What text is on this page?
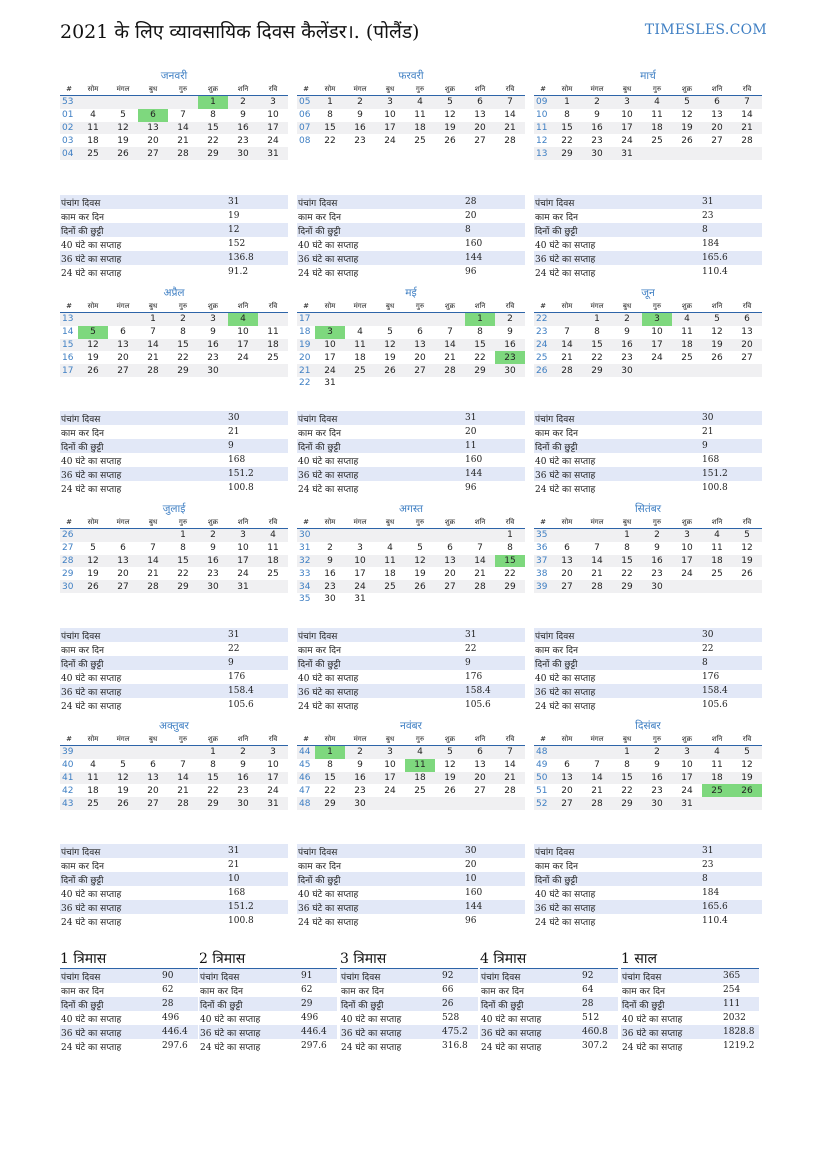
2021 के लिए व्यावसायिक दिवस कैलेंडर।. (पोलैंड)	TIMESLES.COM
जनवरी
#	सोम	मंगल	बुध	गुरु	शुक्र	शनि	रवि
53					1	2	3
01	4	5	6	7	8	9	10
02	11	12	13	14	15	16	17
03	18	19	20	21	22	23	24
04	25	26	27	28	29	30	31
पंचांग दिवस	31
काम कर दिन	19
दिनों की छुट्टी	12
40 घंटे का सप्ताह	152
36 घंटे का सप्ताह	136.8
24 घंटे का सप्ताह	91.2
फरवरी
#	सोम	मंगल	बुध	गुरु	शुक्र	शनि	रवि
05	1	2	3	4	5	6	7
06	8	9	10	11	12	13	14
07	15	16	17	18	19	20	21
08	22	23	24	25	26	27	28
पंचांग दिवस	28
काम कर दिन	20
दिनों की छुट्टी	8
40 घंटे का सप्ताह	160
36 घंटे का सप्ताह	144
24 घंटे का सप्ताह	96
मार्च
#	सोम	मंगल	बुध	गुरु	शुक्र	शनि	रवि
09	1	2	3	4	5	6	7
10	8	9	10	11	12	13	14
11	15	16	17	18	19	20	21
12	22	23	24	25	26	27	28
13	29	30	31				
पंचांग दिवस	31
काम कर दिन	23
दिनों की छुट्टी	8
40 घंटे का सप्ताह	184
36 घंटे का सप्ताह	165.6
24 घंटे का सप्ताह	110.4
अप्रैल
#	सोम	मंगल	बुध	गुरु	शुक्र	शनि	रवि
13			1	2	3	4	
14	5	6	7	8	9	10	11
15	12	13	14	15	16	17	18
16	19	20	21	22	23	24	25
17	26	27	28	29	30		
पंचांग दिवस	30
काम कर दिन	21
दिनों की छुट्टी	9
40 घंटे का सप्ताह	168
36 घंटे का सप्ताह	151.2
24 घंटे का सप्ताह	100.8
मई
#	सोम	मंगल	बुध	गुरु	शुक्र	शनि	रवि
17						1	2
18	3	4	5	6	7	8	9
19	10	11	12	13	14	15	16
20	17	18	19	20	21	22	23
21	24	25	26	27	28	29	30
22	31						
पंचांग दिवस	31
काम कर दिन	20
दिनों की छुट्टी	11
40 घंटे का सप्ताह	160
36 घंटे का सप्ताह	144
24 घंटे का सप्ताह	96
जून
#	सोम	मंगल	बुध	गुरु	शुक्र	शनि	रवि
22		1	2	3	4	5	6
23	7	8	9	10	11	12	13
24	14	15	16	17	18	19	20
25	21	22	23	24	25	26	27
26	28	29	30				
पंचांग दिवस	30
काम कर दिन	21
दिनों की छुट्टी	9
40 घंटे का सप्ताह	168
36 घंटे का सप्ताह	151.2
24 घंटे का सप्ताह	100.8
जुलाई
#	सोम	मंगल	बुध	गुरु	शुक्र	शनि	रवि
26				1	2	3	4
27	5	6	7	8	9	10	11
28	12	13	14	15	16	17	18
29	19	20	21	22	23	24	25
30	26	27	28	29	30	31	
पंचांग दिवस	31
काम कर दिन	22
दिनों की छुट्टी	9
40 घंटे का सप्ताह	176
36 घंटे का सप्ताह	158.4
24 घंटे का सप्ताह	105.6
अगस्त
#	सोम	मंगल	बुध	गुरु	शुक्र	शनि	रवि
30							1
31	2	3	4	5	6	7	8
32	9	10	11	12	13	14	15
33	16	17	18	19	20	21	22
34	23	24	25	26	27	28	29
35	30	31					
पंचांग दिवस	31
काम कर दिन	22
दिनों की छुट्टी	9
40 घंटे का सप्ताह	176
36 घंटे का सप्ताह	158.4
24 घंटे का सप्ताह	105.6
सितंबर
#	सोम	मंगल	बुध	गुरु	शुक्र	शनि	रवि
35			1	2	3	4	5
36	6	7	8	9	10	11	12
37	13	14	15	16	17	18	19
38	20	21	22	23	24	25	26
39	27	28	29	30			
पंचांग दिवस	30
काम कर दिन	22
दिनों की छुट्टी	8
40 घंटे का सप्ताह	176
36 घंटे का सप्ताह	158.4
24 घंटे का सप्ताह	105.6
अक्तुबर
#	सोम	मंगल	बुध	गुरु	शुक्र	शनि	रवि
39					1	2	3
40	4	5	6	7	8	9	10
41	11	12	13	14	15	16	17
42	18	19	20	21	22	23	24
43	25	26	27	28	29	30	31
पंचांग दिवस	31
काम कर दिन	21
दिनों की छुट्टी	10
40 घंटे का सप्ताह	168
36 घंटे का सप्ताह	151.2
24 घंटे का सप्ताह	100.8
नवंबर
#	सोम	मंगल	बुध	गुरु	शुक्र	शनि	रवि
44	1	2	3	4	5	6	7
45	8	9	10	11	12	13	14
46	15	16	17	18	19	20	21
47	22	23	24	25	26	27	28
48	29	30					
पंचांग दिवस	30
काम कर दिन	20
दिनों की छुट्टी	10
40 घंटे का सप्ताह	160
36 घंटे का सप्ताह	144
24 घंटे का सप्ताह	96
दिसंबर
#	सोम	मंगल	बुध	गुरु	शुक्र	शनि	रवि
48			1	2	3	4	5
49	6	7	8	9	10	11	12
50	13	14	15	16	17	18	19
51	20	21	22	23	24	25	26
52	27	28	29	30	31		
पंचांग दिवस	31
काम कर दिन	23
दिनों की छुट्टी	8
40 घंटे का सप्ताह	184
36 घंटे का सप्ताह	165.6
24 घंटे का सप्ताह	110.4
1 त्रिमास
पंचांग दिवस	90
काम कर दिन	62
दिनों की छुट्टी	28
40 घंटे का सप्ताह	496
36 घंटे का सप्ताह	446.4
24 घंटे का सप्ताह	297.6
2 त्रिमास
पंचांग दिवस	91
काम कर दिन	62
दिनों की छुट्टी	29
40 घंटे का सप्ताह	496
36 घंटे का सप्ताह	446.4
24 घंटे का सप्ताह	297.6
3 त्रिमास
पंचांग दिवस	92
काम कर दिन	66
दिनों की छुट्टी	26
40 घंटे का सप्ताह	528
36 घंटे का सप्ताह	475.2
24 घंटे का सप्ताह	316.8
4 त्रिमास
पंचांग दिवस	92
काम कर दिन	64
दिनों की छुट्टी	28
40 घंटे का सप्ताह	512
36 घंटे का सप्ताह	460.8
24 घंटे का सप्ताह	307.2
1 साल
पंचांग दिवस	365
काम कर दिन	254
दिनों की छुट्टी	111
40 घंटे का सप्ताह	2032
36 घंटे का सप्ताह	1828.8
24 घंटे का सप्ताह	1219.2
